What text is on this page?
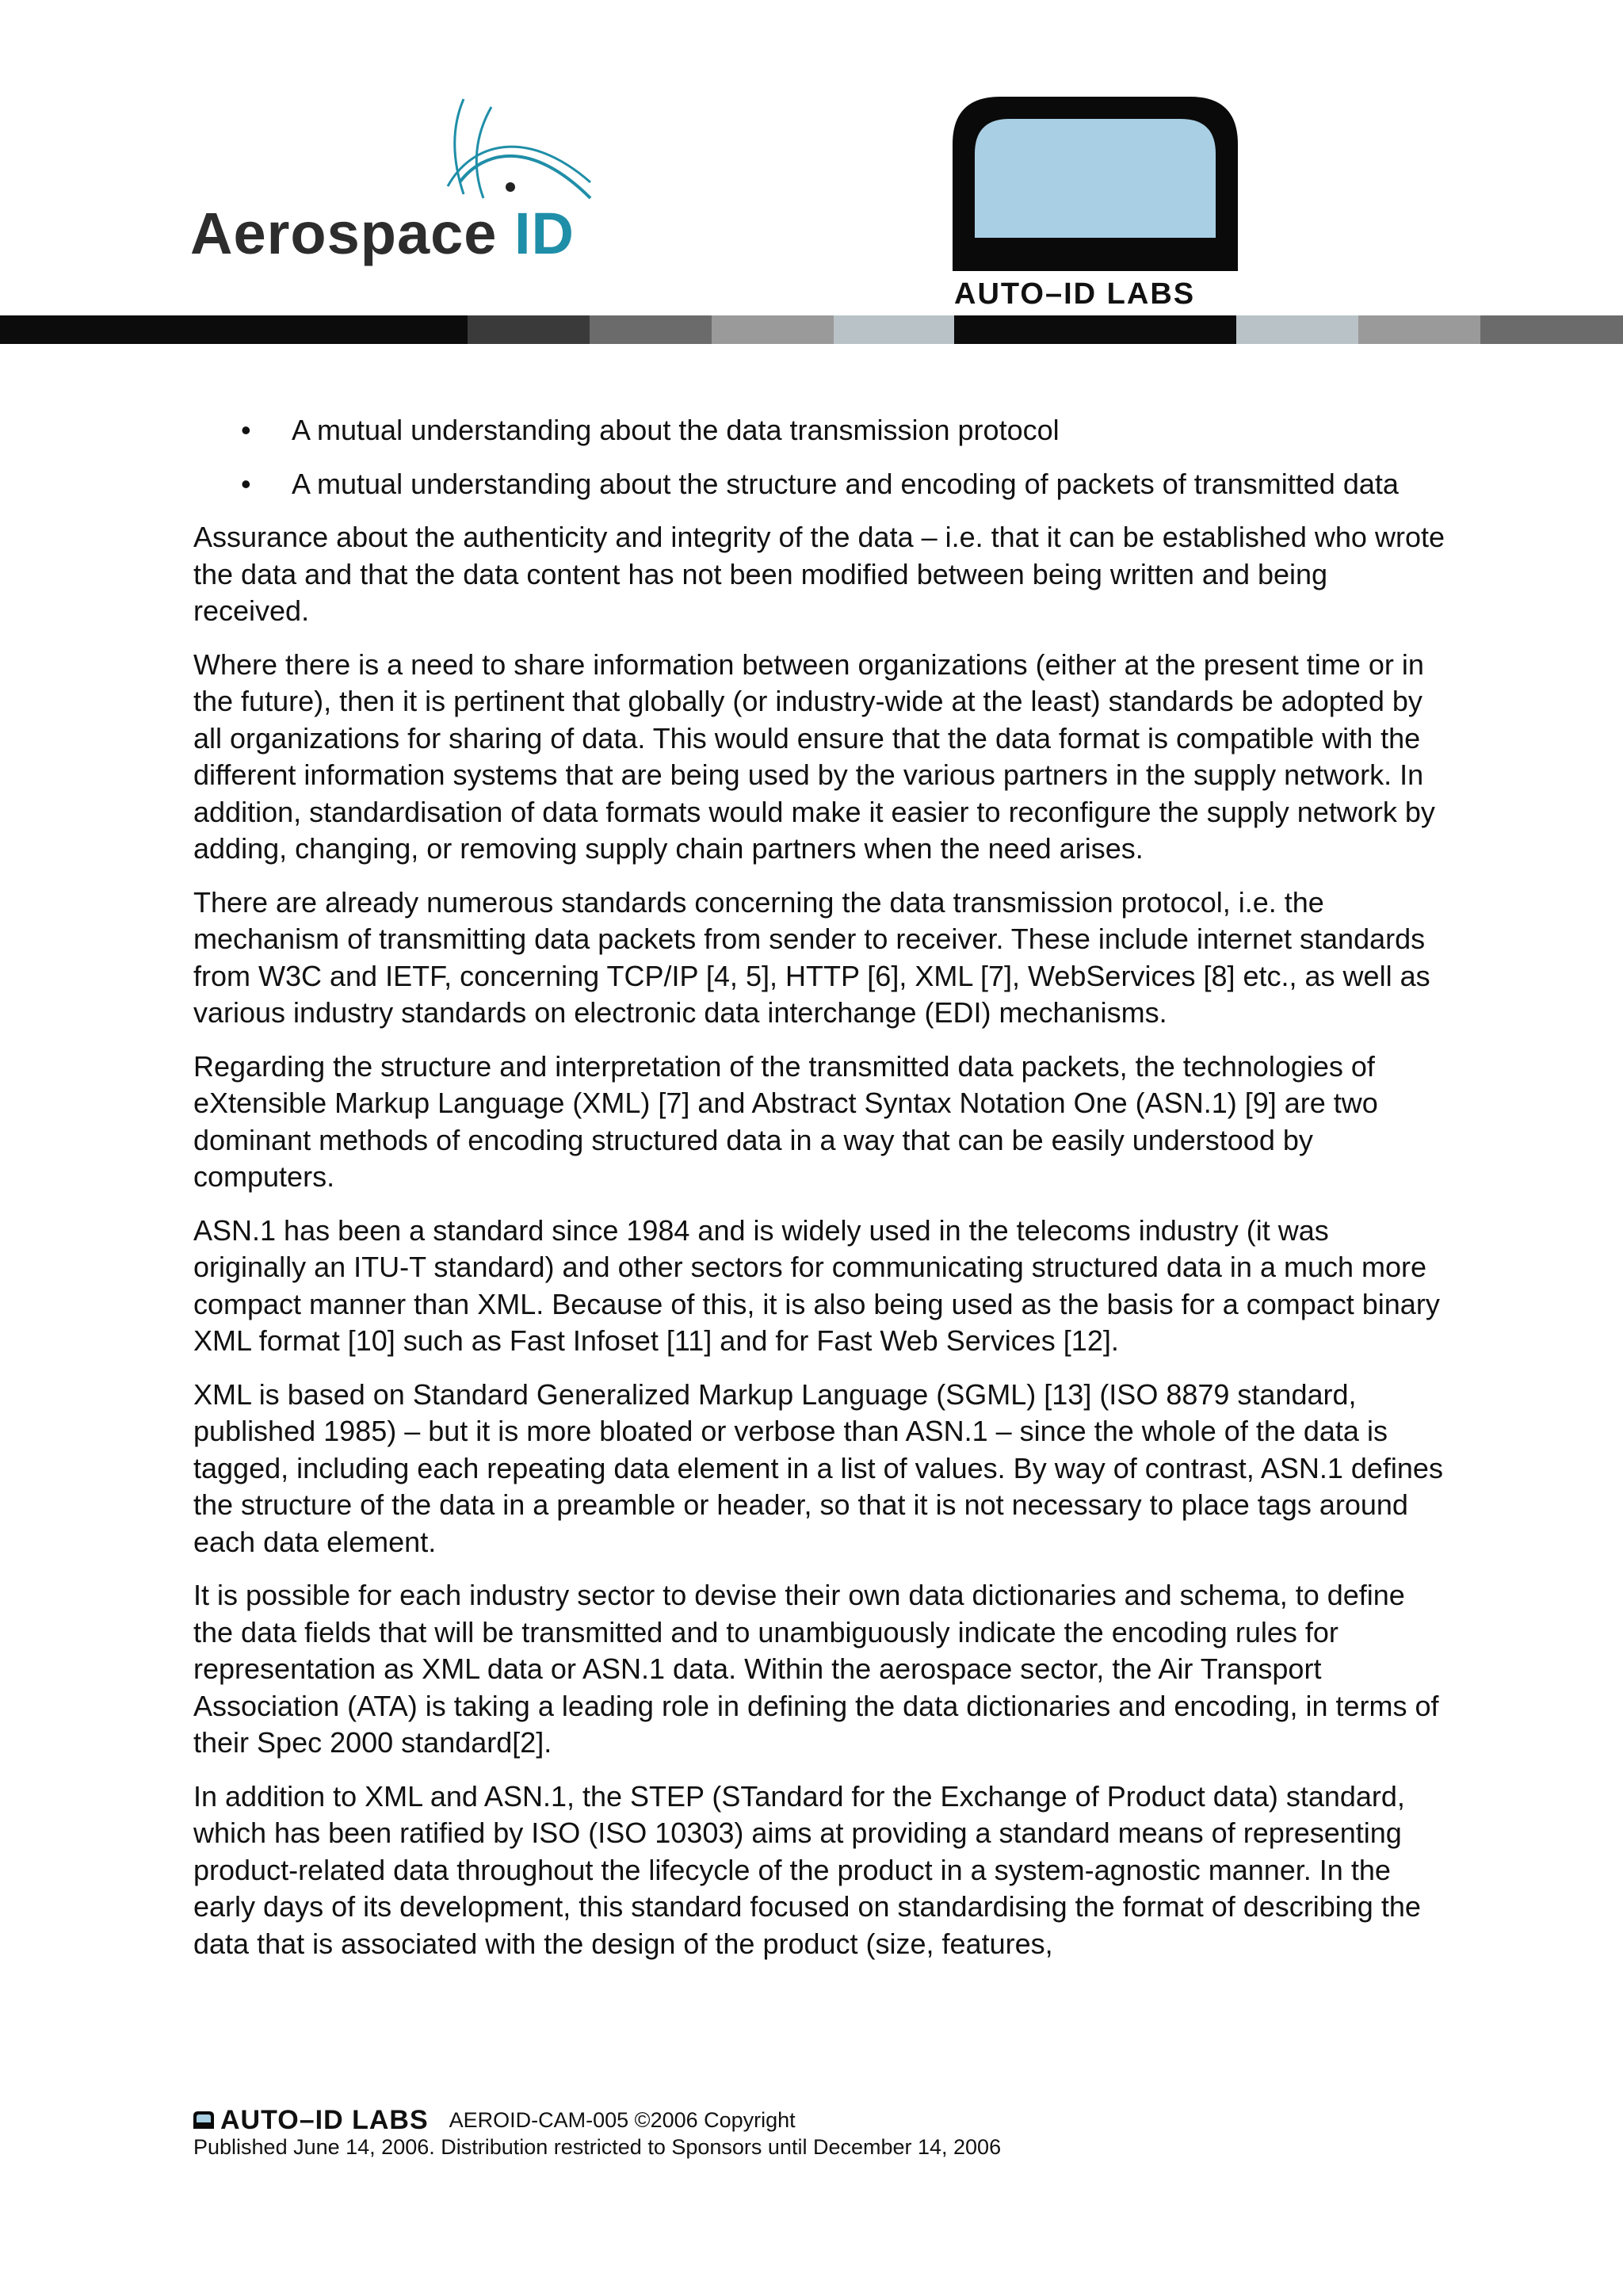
Aerospace ID
AUTO–ID LABS
• A mutual understanding about the data transmission protocol
• A mutual understanding about the structure and encoding of packets of transmitted data

Assurance about the authenticity and integrity of the data – i.e. that it can be established who wrote the data and that the data content has not been modified between being written and being received.

Where there is a need to share information between organizations (either at the present time or in the future), then it is pertinent that globally (or industry-wide at the least) standards be adopted by all organizations for sharing of data. This would ensure that the data format is compatible with the different information systems that are being used by the various partners in the supply network. In addition, standardisation of data formats would make it easier to reconfigure the supply network by adding, changing, or removing supply chain partners when the need arises.

There are already numerous standards concerning the data transmission protocol, i.e. the mechanism of transmitting data packets from sender to receiver. These include internet standards from W3C and IETF, concerning TCP/IP [4, 5], HTTP [6], XML [7], WebServices [8] etc., as well as various industry standards on electronic data interchange (EDI) mechanisms.

Regarding the structure and interpretation of the transmitted data packets, the technologies of eXtensible Markup Language (XML) [7] and Abstract Syntax Notation One (ASN.1) [9] are two dominant methods of encoding structured data in a way that can be easily understood by computers.

ASN.1 has been a standard since 1984 and is widely used in the telecoms industry (it was originally an ITU-T standard) and other sectors for communicating structured data in a much more compact manner than XML. Because of this, it is also being used as the basis for a compact binary XML format [10] such as Fast Infoset [11] and for Fast Web Services [12].

XML is based on Standard Generalized Markup Language (SGML) [13] (ISO 8879 standard, published 1985) – but it is more bloated or verbose than ASN.1 – since the whole of the data is tagged, including each repeating data element in a list of values. By way of contrast, ASN.1 defines the structure of the data in a preamble or header, so that it is not necessary to place tags around each data element.

It is possible for each industry sector to devise their own data dictionaries and schema, to define the data fields that will be transmitted and to unambiguously indicate the encoding rules for representation as XML data or ASN.1 data. Within the aerospace sector, the Air Transport Association (ATA) is taking a leading role in defining the data dictionaries and encoding, in terms of their Spec 2000 standard[2].

In addition to XML and ASN.1, the STEP (STandard for the Exchange of Product data) standard, which has been ratified by ISO (ISO 10303) aims at providing a standard means of representing product-related data throughout the lifecycle of the product in a system-agnostic manner. In the early days of its development, this standard focused on standardising the format of describing the data that is associated with the design of the product (size, features,

AUTO–ID LABS AEROID-CAM-005 ©2006 Copyright
Published June 14, 2006. Distribution restricted to Sponsors until December 14, 2006
